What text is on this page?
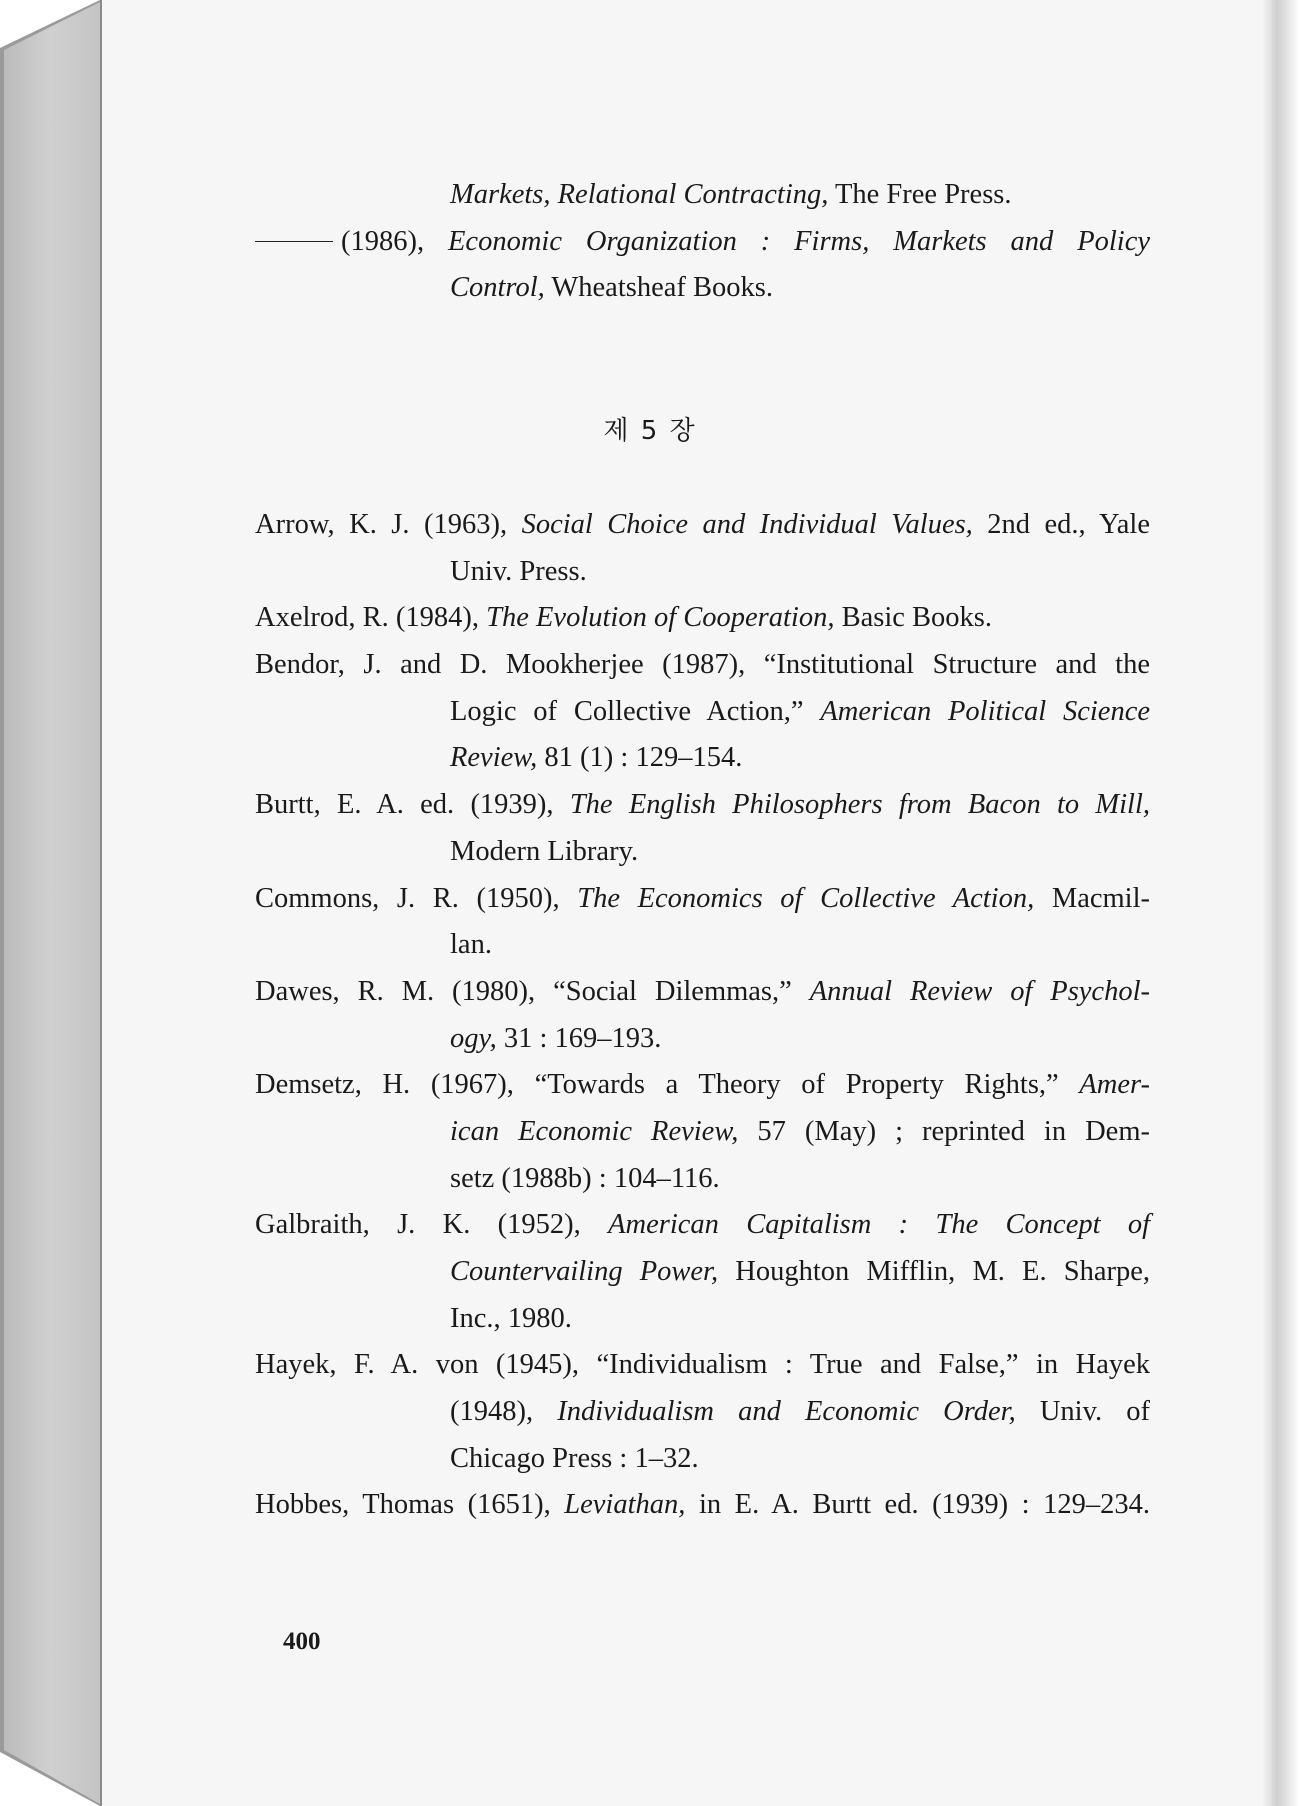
Markets, Relational Contracting, The Free Press.
(1986), Economic Organization : Firms, Markets and Policy
Control, Wheatsheaf Books.
제 5 장
Arrow, K. J. (1963), Social Choice and Individual Values, 2nd ed., Yale
Univ. Press.
Axelrod, R. (1984), The Evolution of Cooperation, Basic Books.
Bendor, J. and D. Mookherjee (1987), “Institutional Structure and the
Logic of Collective Action,” American Political Science
Review, 81 (1) : 129–154.
Burtt, E. A. ed. (1939), The English Philosophers from Bacon to Mill,
Modern Library.
Commons, J. R. (1950), The Economics of Collective Action, Macmil-
lan.
Dawes, R. M. (1980), “Social Dilemmas,” Annual Review of Psychol-
ogy, 31 : 169–193.
Demsetz, H. (1967), “Towards a Theory of Property Rights,” Amer-
ican Economic Review, 57 (May) ; reprinted in Dem-
setz (1988b) : 104–116.
Galbraith, J. K. (1952), American Capitalism : The Concept of
Countervailing Power, Houghton Mifflin, M. E. Sharpe,
Inc., 1980.
Hayek, F. A. von (1945), “Individualism : True and False,” in Hayek
(1948), Individualism and Economic Order, Univ. of
Chicago Press : 1–32.
Hobbes, Thomas (1651), Leviathan, in E. A. Burtt ed. (1939) : 129–234.
400
